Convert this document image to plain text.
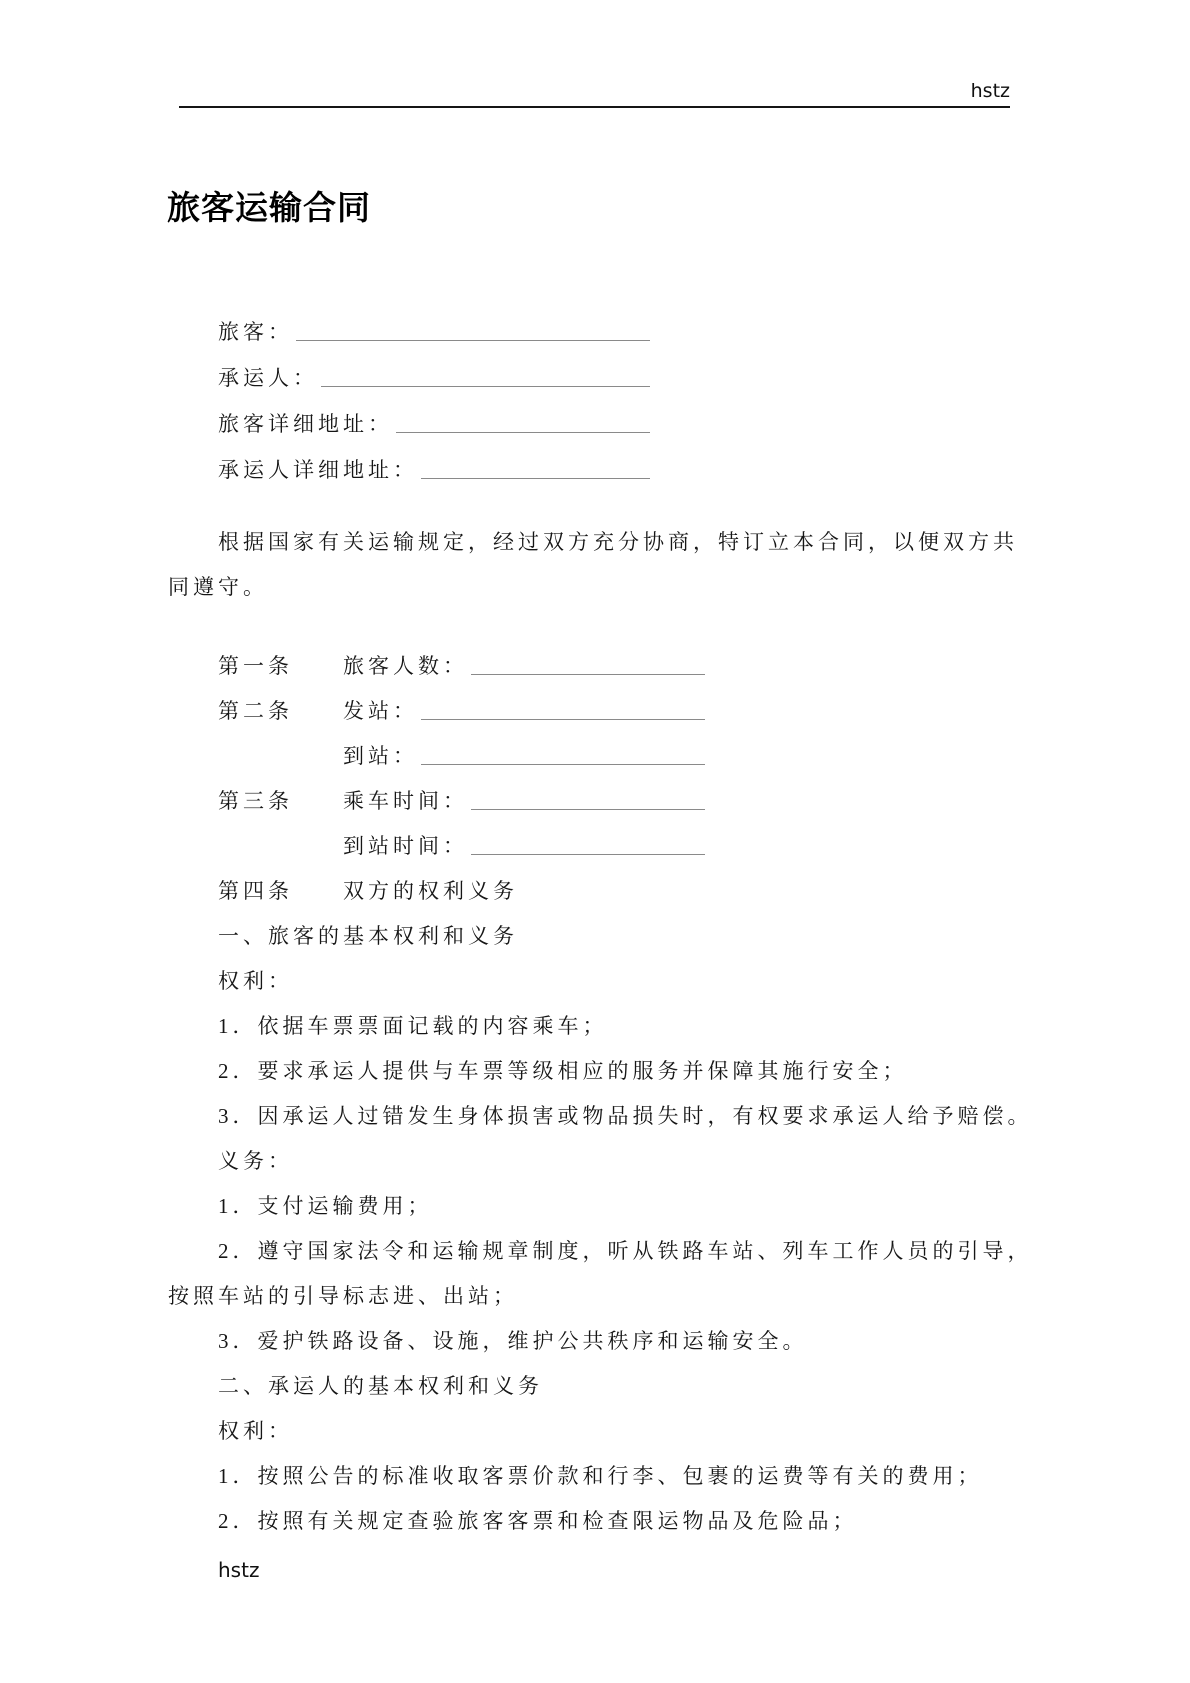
hstz
旅客运输合同
旅客：
承运人：
旅客详细地址：
承运人详细地址：
根据国家有关运输规定，经过双方充分协商，特订立本合同，以便双方共
同遵守。
第一条	旅客人数：
第二条	发站：
到站：
第三条	乘车时间：
到站时间：
第四条	双方的权利义务
一、旅客的基本权利和义务
权利：
1．依据车票票面记载的内容乘车；
2．要求承运人提供与车票等级相应的服务并保障其施行安全；
3．因承运人过错发生身体损害或物品损失时，有权要求承运人给予赔偿。
义务：
1．支付运输费用；
2．遵守国家法令和运输规章制度，听从铁路车站、列车工作人员的引导，
按照车站的引导标志进、出站；
3．爱护铁路设备、设施，维护公共秩序和运输安全。
二、承运人的基本权利和义务
权利：
1．按照公告的标准收取客票价款和行李、包裹的运费等有关的费用；
2．按照有关规定查验旅客客票和检查限运物品及危险品；
hstz
